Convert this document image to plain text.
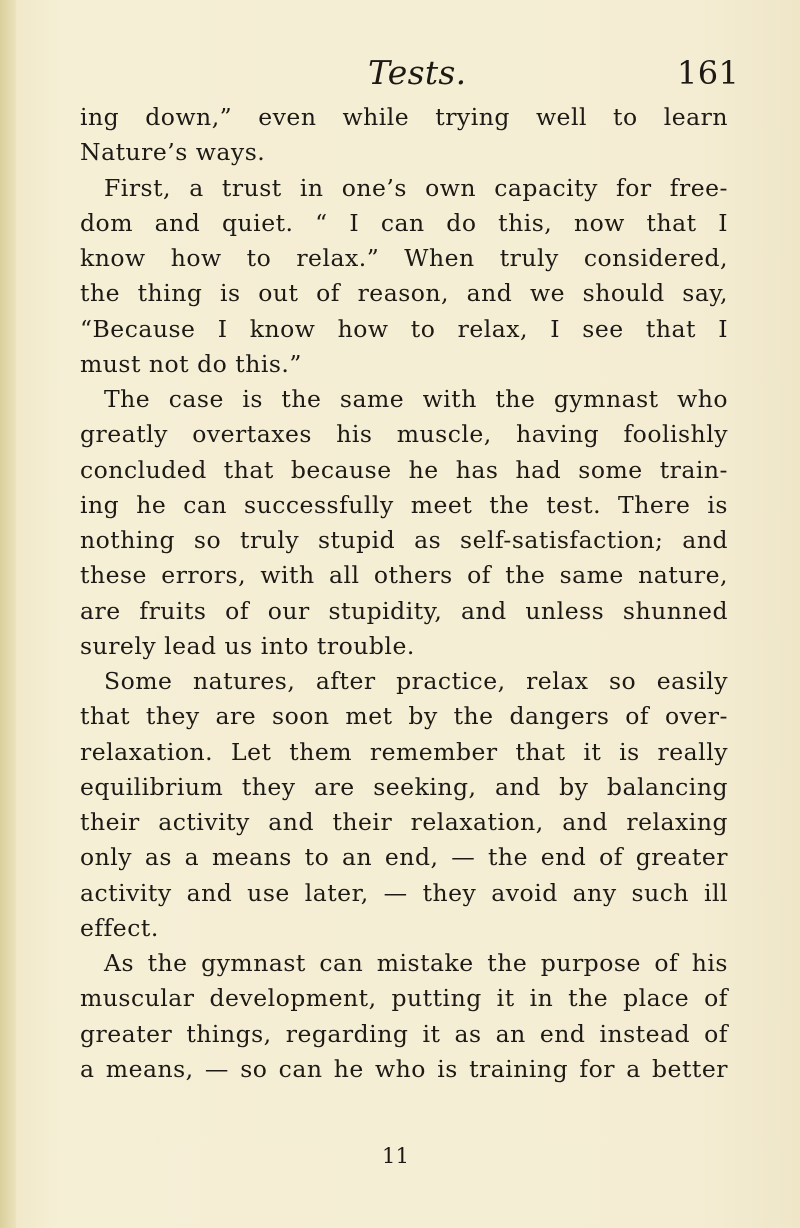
Tests.	161
ing down,” even while trying well to learn
Nature’s ways.
First, a trust in one’s own capacity for free-
dom and quiet. “ I can do this, now that I
know how to relax.” When truly considered,
the thing is out of reason, and we should say,
“Because I know how to relax, I see that I
must not do this.”
The case is the same with the gymnast who
greatly overtaxes his muscle, having foolishly
concluded that because he has had some train-
ing he can successfully meet the test. There is
nothing so truly stupid as self-satisfaction; and
these errors, with all others of the same nature,
are fruits of our stupidity, and unless shunned
surely lead us into trouble.
Some natures, after practice, relax so easily
that they are soon met by the dangers of over-
relaxation. Let them remember that it is really
equilibrium they are seeking, and by balancing
their activity and their relaxation, and relaxing
only as a means to an end, — the end of greater
activity and use later, — they avoid any such ill
effect.
As the gymnast can mistake the purpose of his
muscular development, putting it in the place of
greater things, regarding it as an end instead of
a means, — so can he who is training for a better
11
